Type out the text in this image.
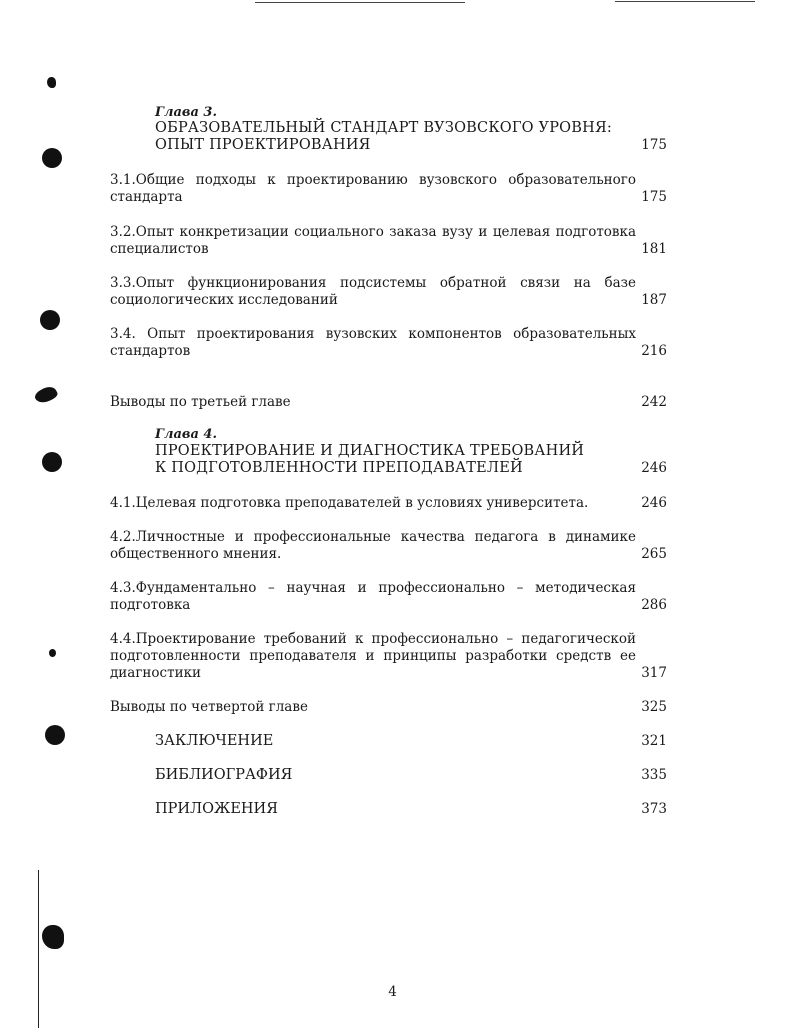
Глава 3.
ОБРАЗОВАТЕЛЬНЫЙ СТАНДАРТ ВУЗОВСКОГО УРОВНЯ:
ОПЫТ ПРОЕКТИРОВАНИЯ	175
3.1.Общие подходы к проектированию вузовского образовательного
стандарта	175
3.2.Опыт конкретизации социального заказа вузу и целевая подготовка
специалистов	181
3.3.Опыт функционирования подсистемы обратной связи на базе
социологических исследований	187
3.4. Опыт проектирования вузовских компонентов образовательных
стандартов	216
Выводы по третьей главе	242
Глава 4.
ПРОЕКТИРОВАНИЕ И ДИАГНОСТИКА ТРЕБОВАНИЙ
К ПОДГОТОВЛЕННОСТИ ПРЕПОДАВАТЕЛЕЙ	246
4.1.Целевая подготовка преподавателей в условиях университета.	246
4.2.Личностные и профессиональные качества педагога в динамике
общественного мнения.	265
4.3.Фундаментально – научная и профессионально – методическая
подготовка	286
4.4.Проектирование требований к профессионально – педагогической
подготовленности преподавателя и принципы разработки средств ее
диагностики	317
Выводы по четвертой главе	325
ЗАКЛЮЧЕНИЕ	321
БИБЛИОГРАФИЯ	335
ПРИЛОЖЕНИЯ	373
4
